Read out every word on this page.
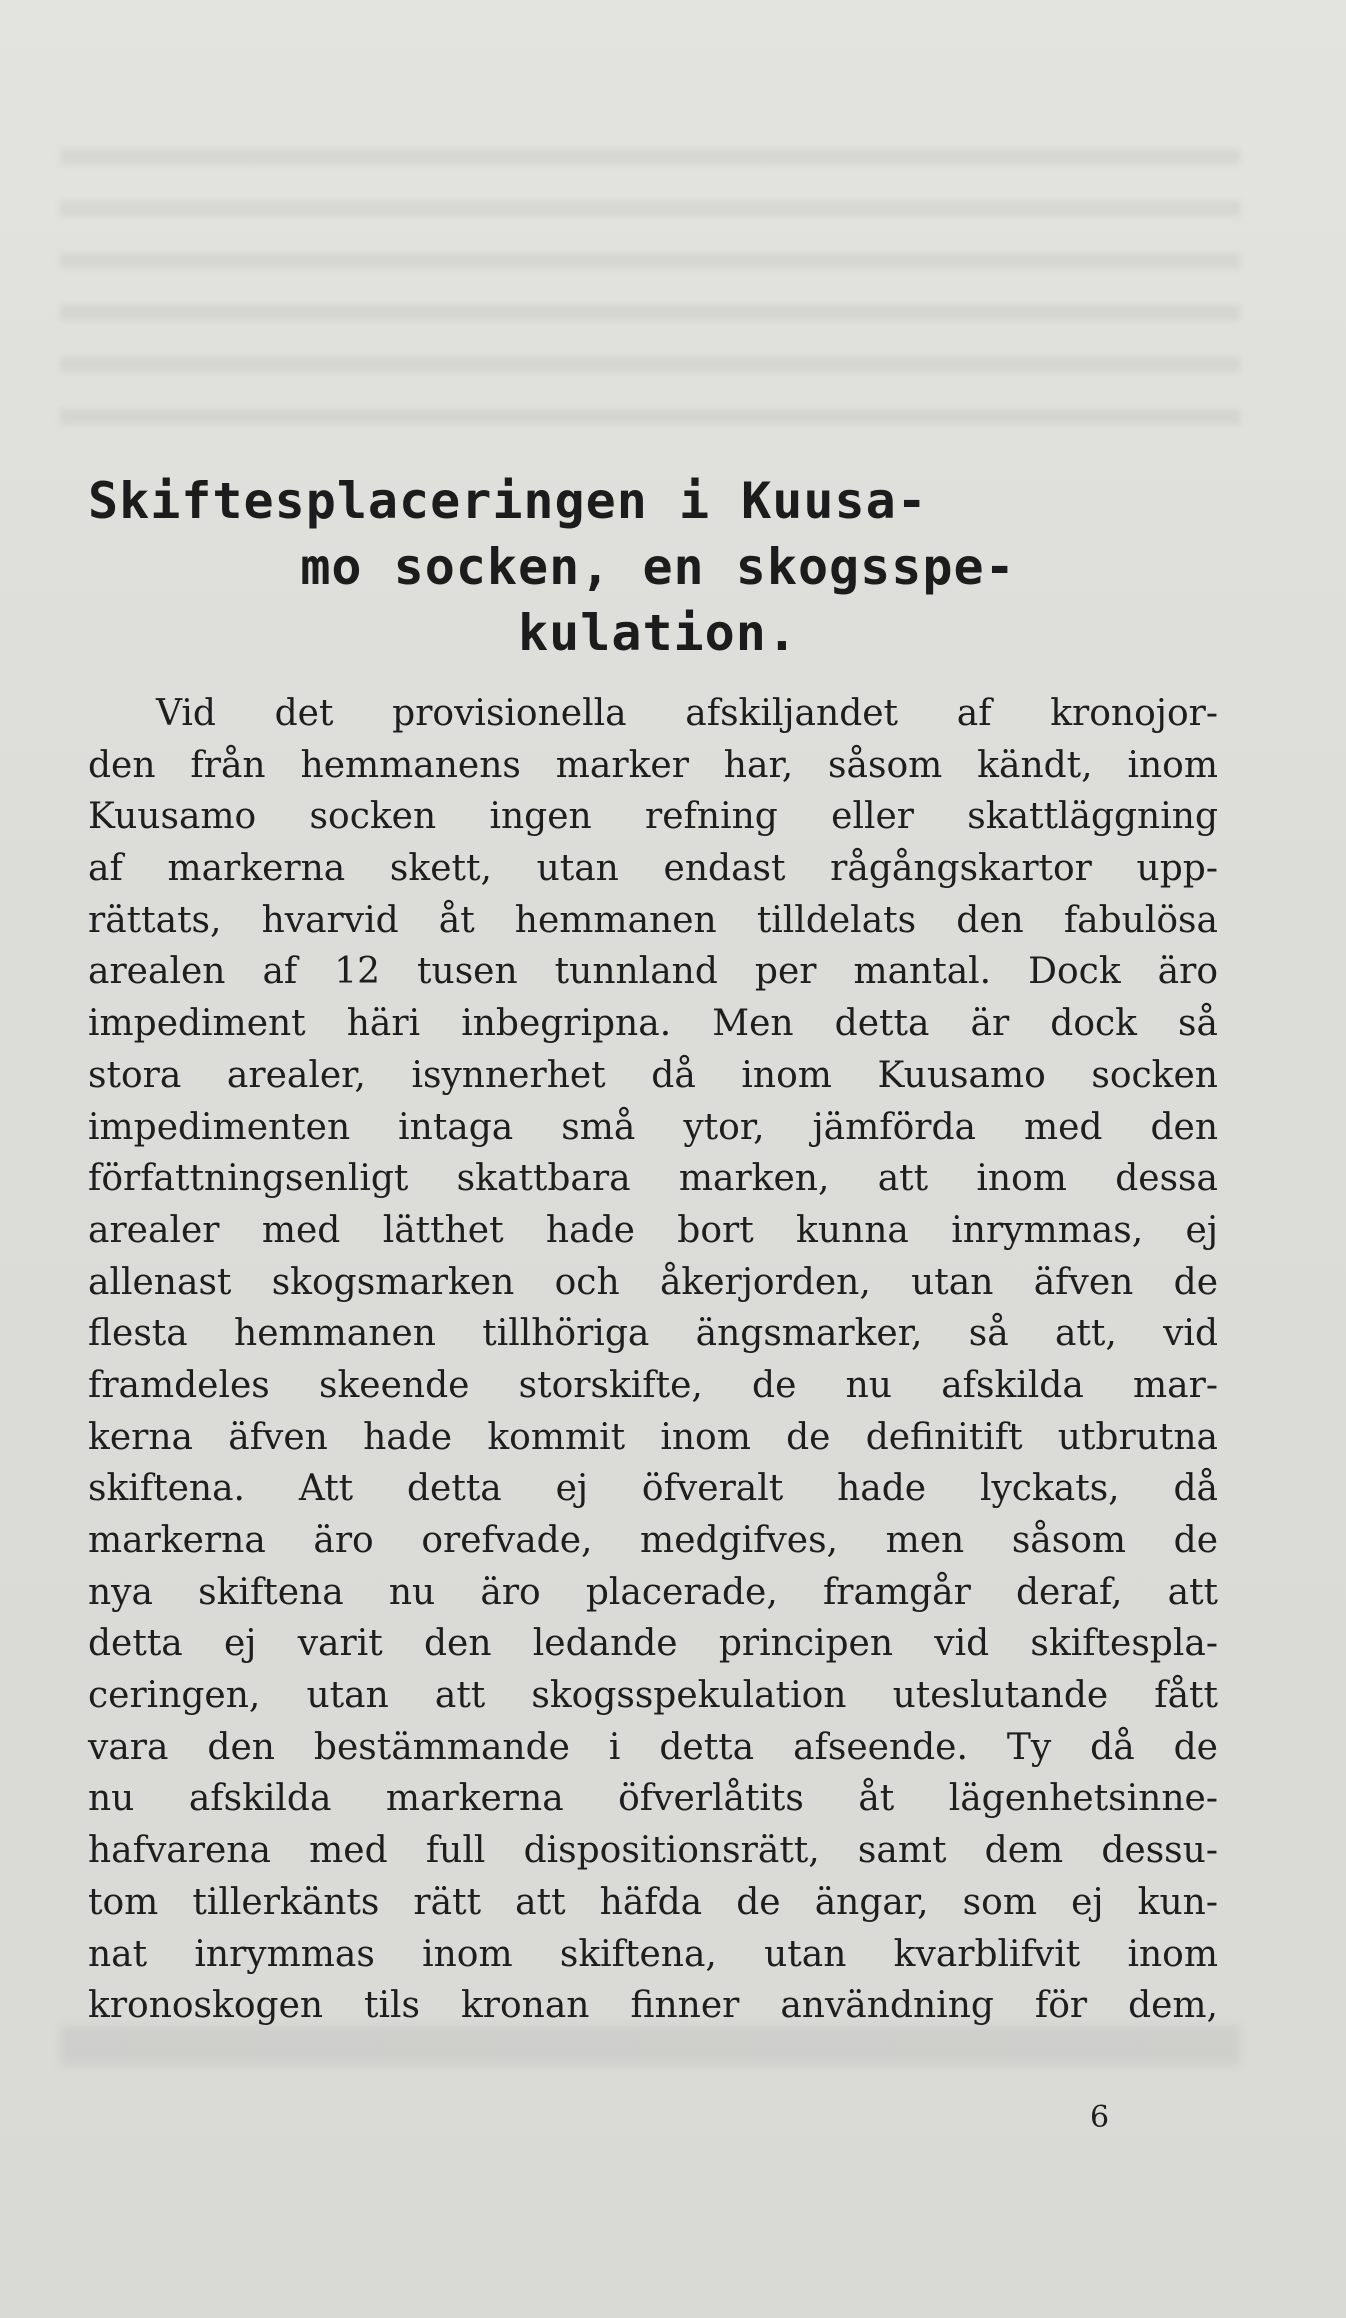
Skiftesplaceringen i Kuusa-
mo socken, en skogsspe-
kulation.
Vid det provisionella afskiljandet af kronojor-
den från hemmanens marker har, såsom kändt, inom
Kuusamo socken ingen refning eller skattläggning
af markerna skett, utan endast rågångskartor upp-
rättats, hvarvid åt hemmanen tilldelats den fabulösa
arealen af 12 tusen tunnland per mantal. Dock äro
impediment häri inbegripna. Men detta är dock så
stora arealer, isynnerhet då inom Kuusamo socken
impedimenten intaga små ytor, jämförda med den
författningsenligt skattbara marken, att inom dessa
arealer med lätthet hade bort kunna inrymmas, ej
allenast skogsmarken och åkerjorden, utan äfven de
flesta hemmanen tillhöriga ängsmarker, så att, vid
framdeles skeende storskifte, de nu afskilda mar-
kerna äfven hade kommit inom de definitift utbrutna
skiftena. Att detta ej öfveralt hade lyckats, då
markerna äro orefvade, medgifves, men såsom de
nya skiftena nu äro placerade, framgår deraf, att
detta ej varit den ledande principen vid skiftespla-
ceringen, utan att skogsspekulation uteslutande fått
vara den bestämmande i detta afseende. Ty då de
nu afskilda markerna öfverlåtits åt lägenhetsinne-
hafvarena med full dispositionsrätt, samt dem dessu-
tom tillerkänts rätt att häfda de ängar, som ej kun-
nat inrymmas inom skiftena, utan kvarblifvit inom
kronoskogen tils kronan finner användning för dem,
6
